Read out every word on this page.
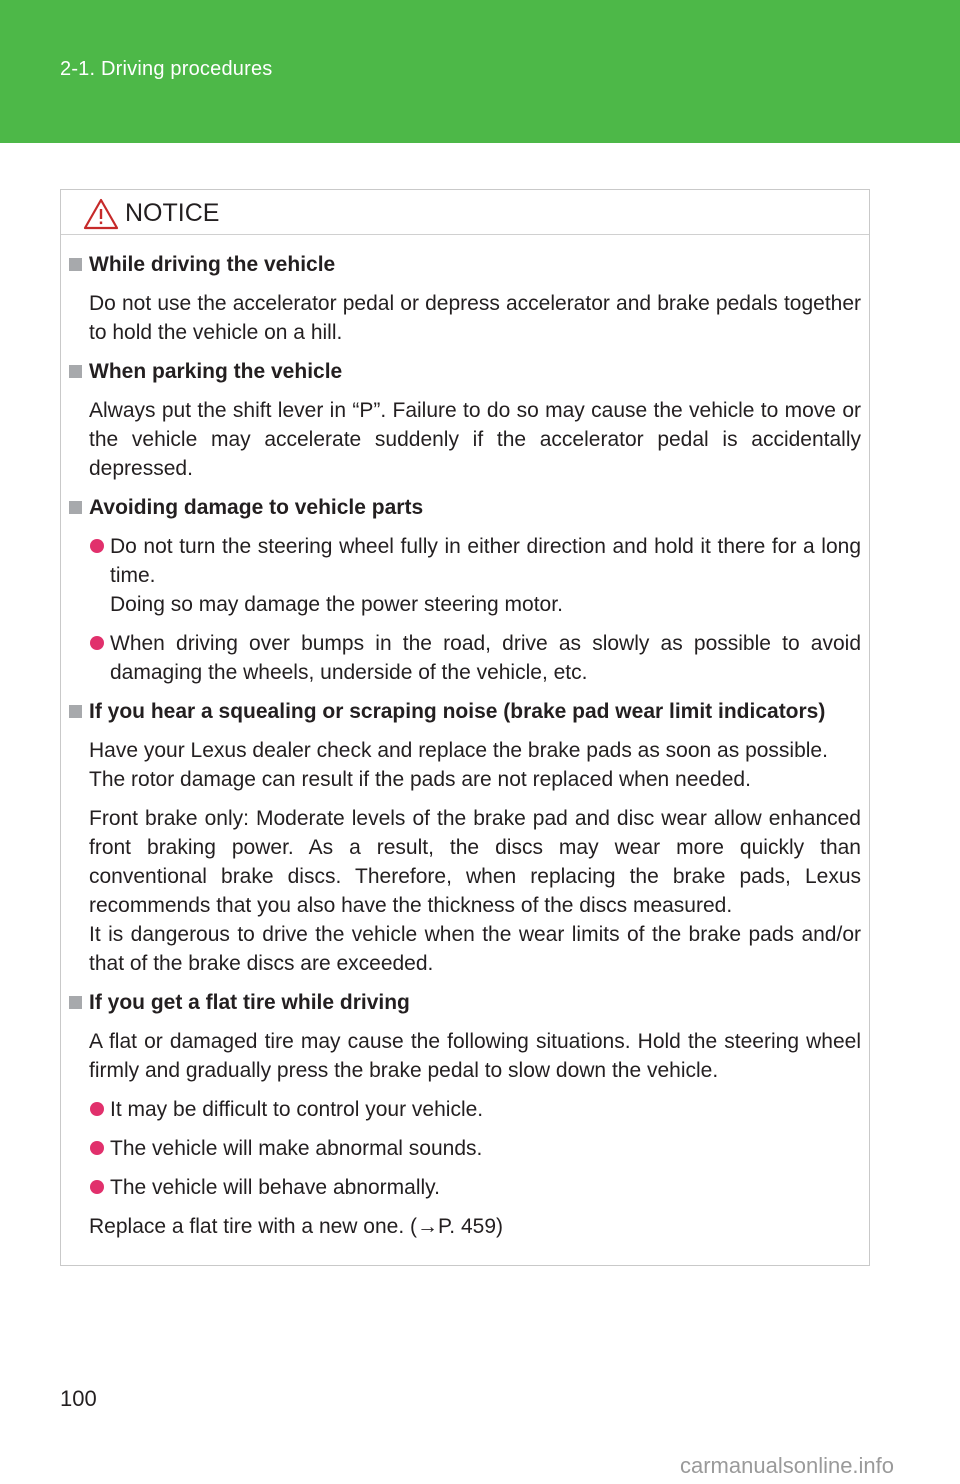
2-1. Driving procedures
NOTICE
While driving the vehicle
Do not use the accelerator pedal or depress accelerator and brake pedals together to hold the vehicle on a hill.
When parking the vehicle
Always put the shift lever in “P”. Failure to do so may cause the vehicle to move or the vehicle may accelerate suddenly if the accelerator pedal is accidentally depressed.
Avoiding damage to vehicle parts
Do not turn the steering wheel fully in either direction and hold it there for a long time.
Doing so may damage the power steering motor.
When driving over bumps in the road, drive as slowly as possible to avoid damaging the wheels, underside of the vehicle, etc.
If you hear a squealing or scraping noise (brake pad wear limit indicators)
Have your Lexus dealer check and replace the brake pads as soon as possible.
The rotor damage can result if the pads are not replaced when needed.
Front brake only: Moderate levels of the brake pad and disc wear allow enhanced front braking power. As a result, the discs may wear more quickly than conventional brake discs. Therefore, when replacing the brake pads, Lexus recommends that you also have the thickness of the discs measured.
It is dangerous to drive the vehicle when the wear limits of the brake pads and/or that of the brake discs are exceeded.
If you get a flat tire while driving
A flat or damaged tire may cause the following situations. Hold the steering wheel firmly and gradually press the brake pedal to slow down the vehicle.
It may be difficult to control your vehicle.
The vehicle will make abnormal sounds.
The vehicle will behave abnormally.
Replace a flat tire with a new one. (→P. 459)
100
carmanualsonline.info
